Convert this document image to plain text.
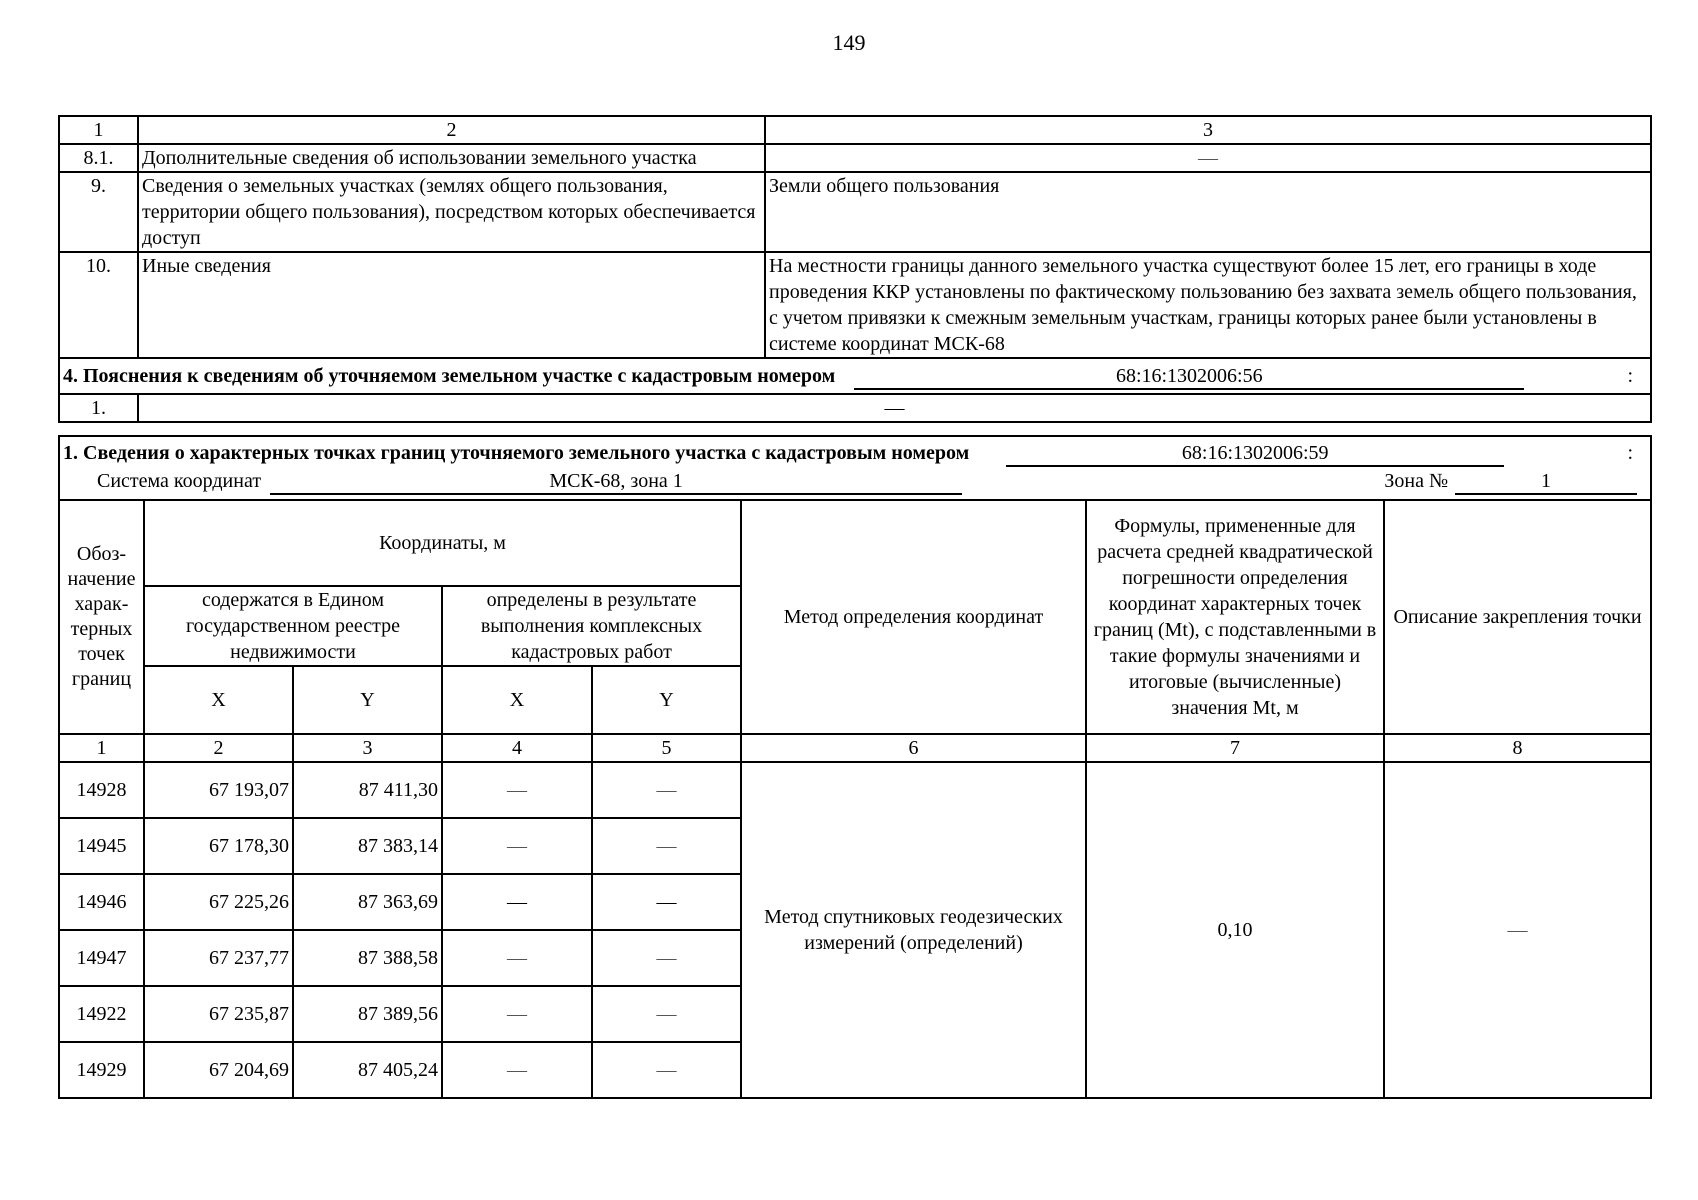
149
1	2	3
8.1.	Дополнительные сведения об использовании земельного участка	—
9.	Сведения о земельных участках (землях общего пользования, территории общего пользования), посредством которых обеспечивается доступ	Земли общего пользования
10.	Иные сведения	На местности границы данного земельного участка существуют более 15 лет, его границы в ходе проведения ККР установлены по фактическому пользованию без захвата земель общего пользования, с учетом привязки к смежным земельным участкам, границы которых ранее были установлены в системе координат МСК-68
4. Пояснения к сведениям об уточняемом земельном участке с кадастровым номером 68:16:1302006:56 :		

1.	—	
1. Сведения о характерных точках границ уточняемого земельного участка с кадастровым номером 68:16:1302006:59 :
Система координат МСК-68, зона 1 Зона № 1							

Обоз-начение харак-терных точек границ	Координаты, м				Метод определения координат	Формулы, примененные для расчета средней квадратической погрешности определения координат характерных точек границ (Mt), с подставленными в такие формулы значениями и итоговые (вычисленные) значения Mt, м	Описание закрепления точки
	содержатся в Едином государственном реестре недвижимости		определены в результате выполнения комплексных кадастровых работ				
	X	Y	X	Y			
1	2	3	4	5	6	7	8
14928	67 193,07	87 411,30	—	—	Метод спутниковых геодезических измерений (определений)	0,10	—
14945	67 178,30	87 383,14	—	—			
14946	67 225,26	87 363,69	—	—			
14947	67 237,77	87 388,58	—	—			
14922	67 235,87	87 389,56	—	—			
14929	67 204,69	87 405,24	—	—			
